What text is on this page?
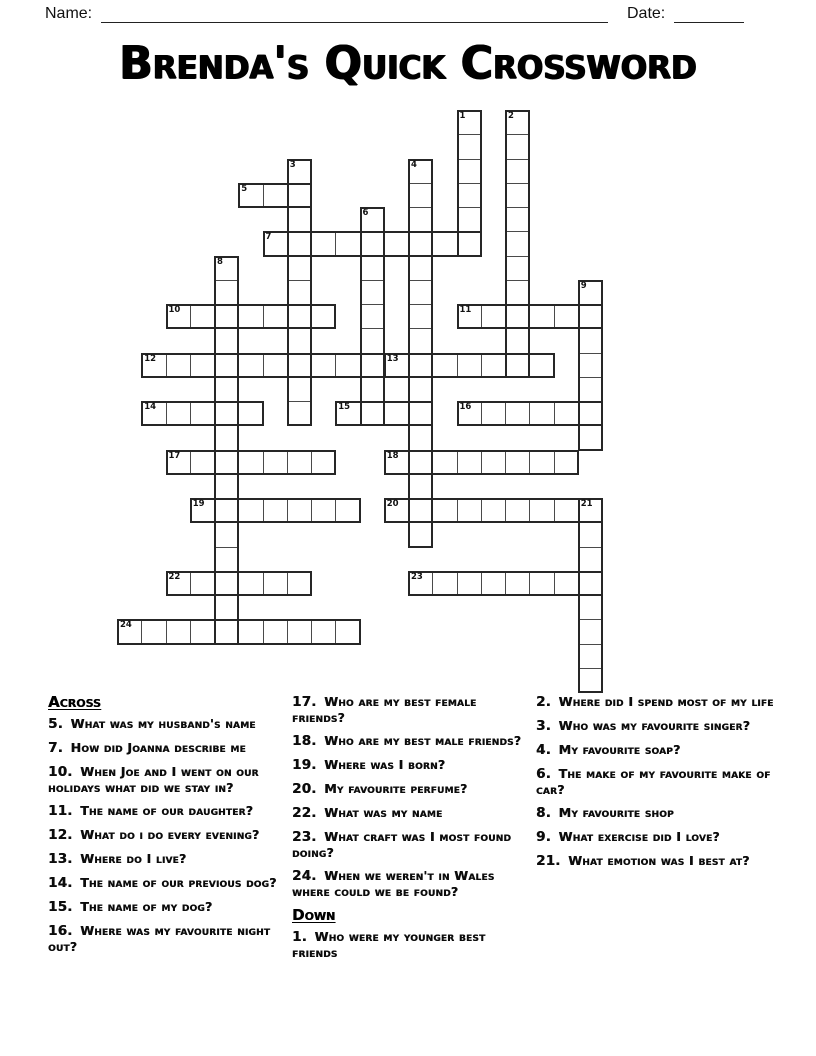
Name:	Date:
Brenda's Quick Crossword
1	2
3	4
5
6
7
8
9
10	11
12	13
14	15	16
17	18
19	20	21
22	23
24
Across
5. What was my husband's name
7. How did Joanna describe me
10. When Joe and I went on our holidays what did we stay in?
11. The name of our daughter?
12. What do i do every evening?
13. Where do I live?
14. The name of our previous dog?
15. The name of my dog?
16. Where was my favourite night out?
17. Who are my best female friends?
18. Who are my best male friends?
19. Where was I born?
20. My favourite perfume?
22. What was my name
23. What craft was I most found doing?
24. When we weren't in Wales where could we be found?
Down
1. Who were my younger best friends
2. Where did I spend most of my life
3. Who was my favourite singer?
4. My favourite soap?
6. The make of my favourite make of car?
8. My favourite shop
9. What exercise did I love?
21. What emotion was I best at?
